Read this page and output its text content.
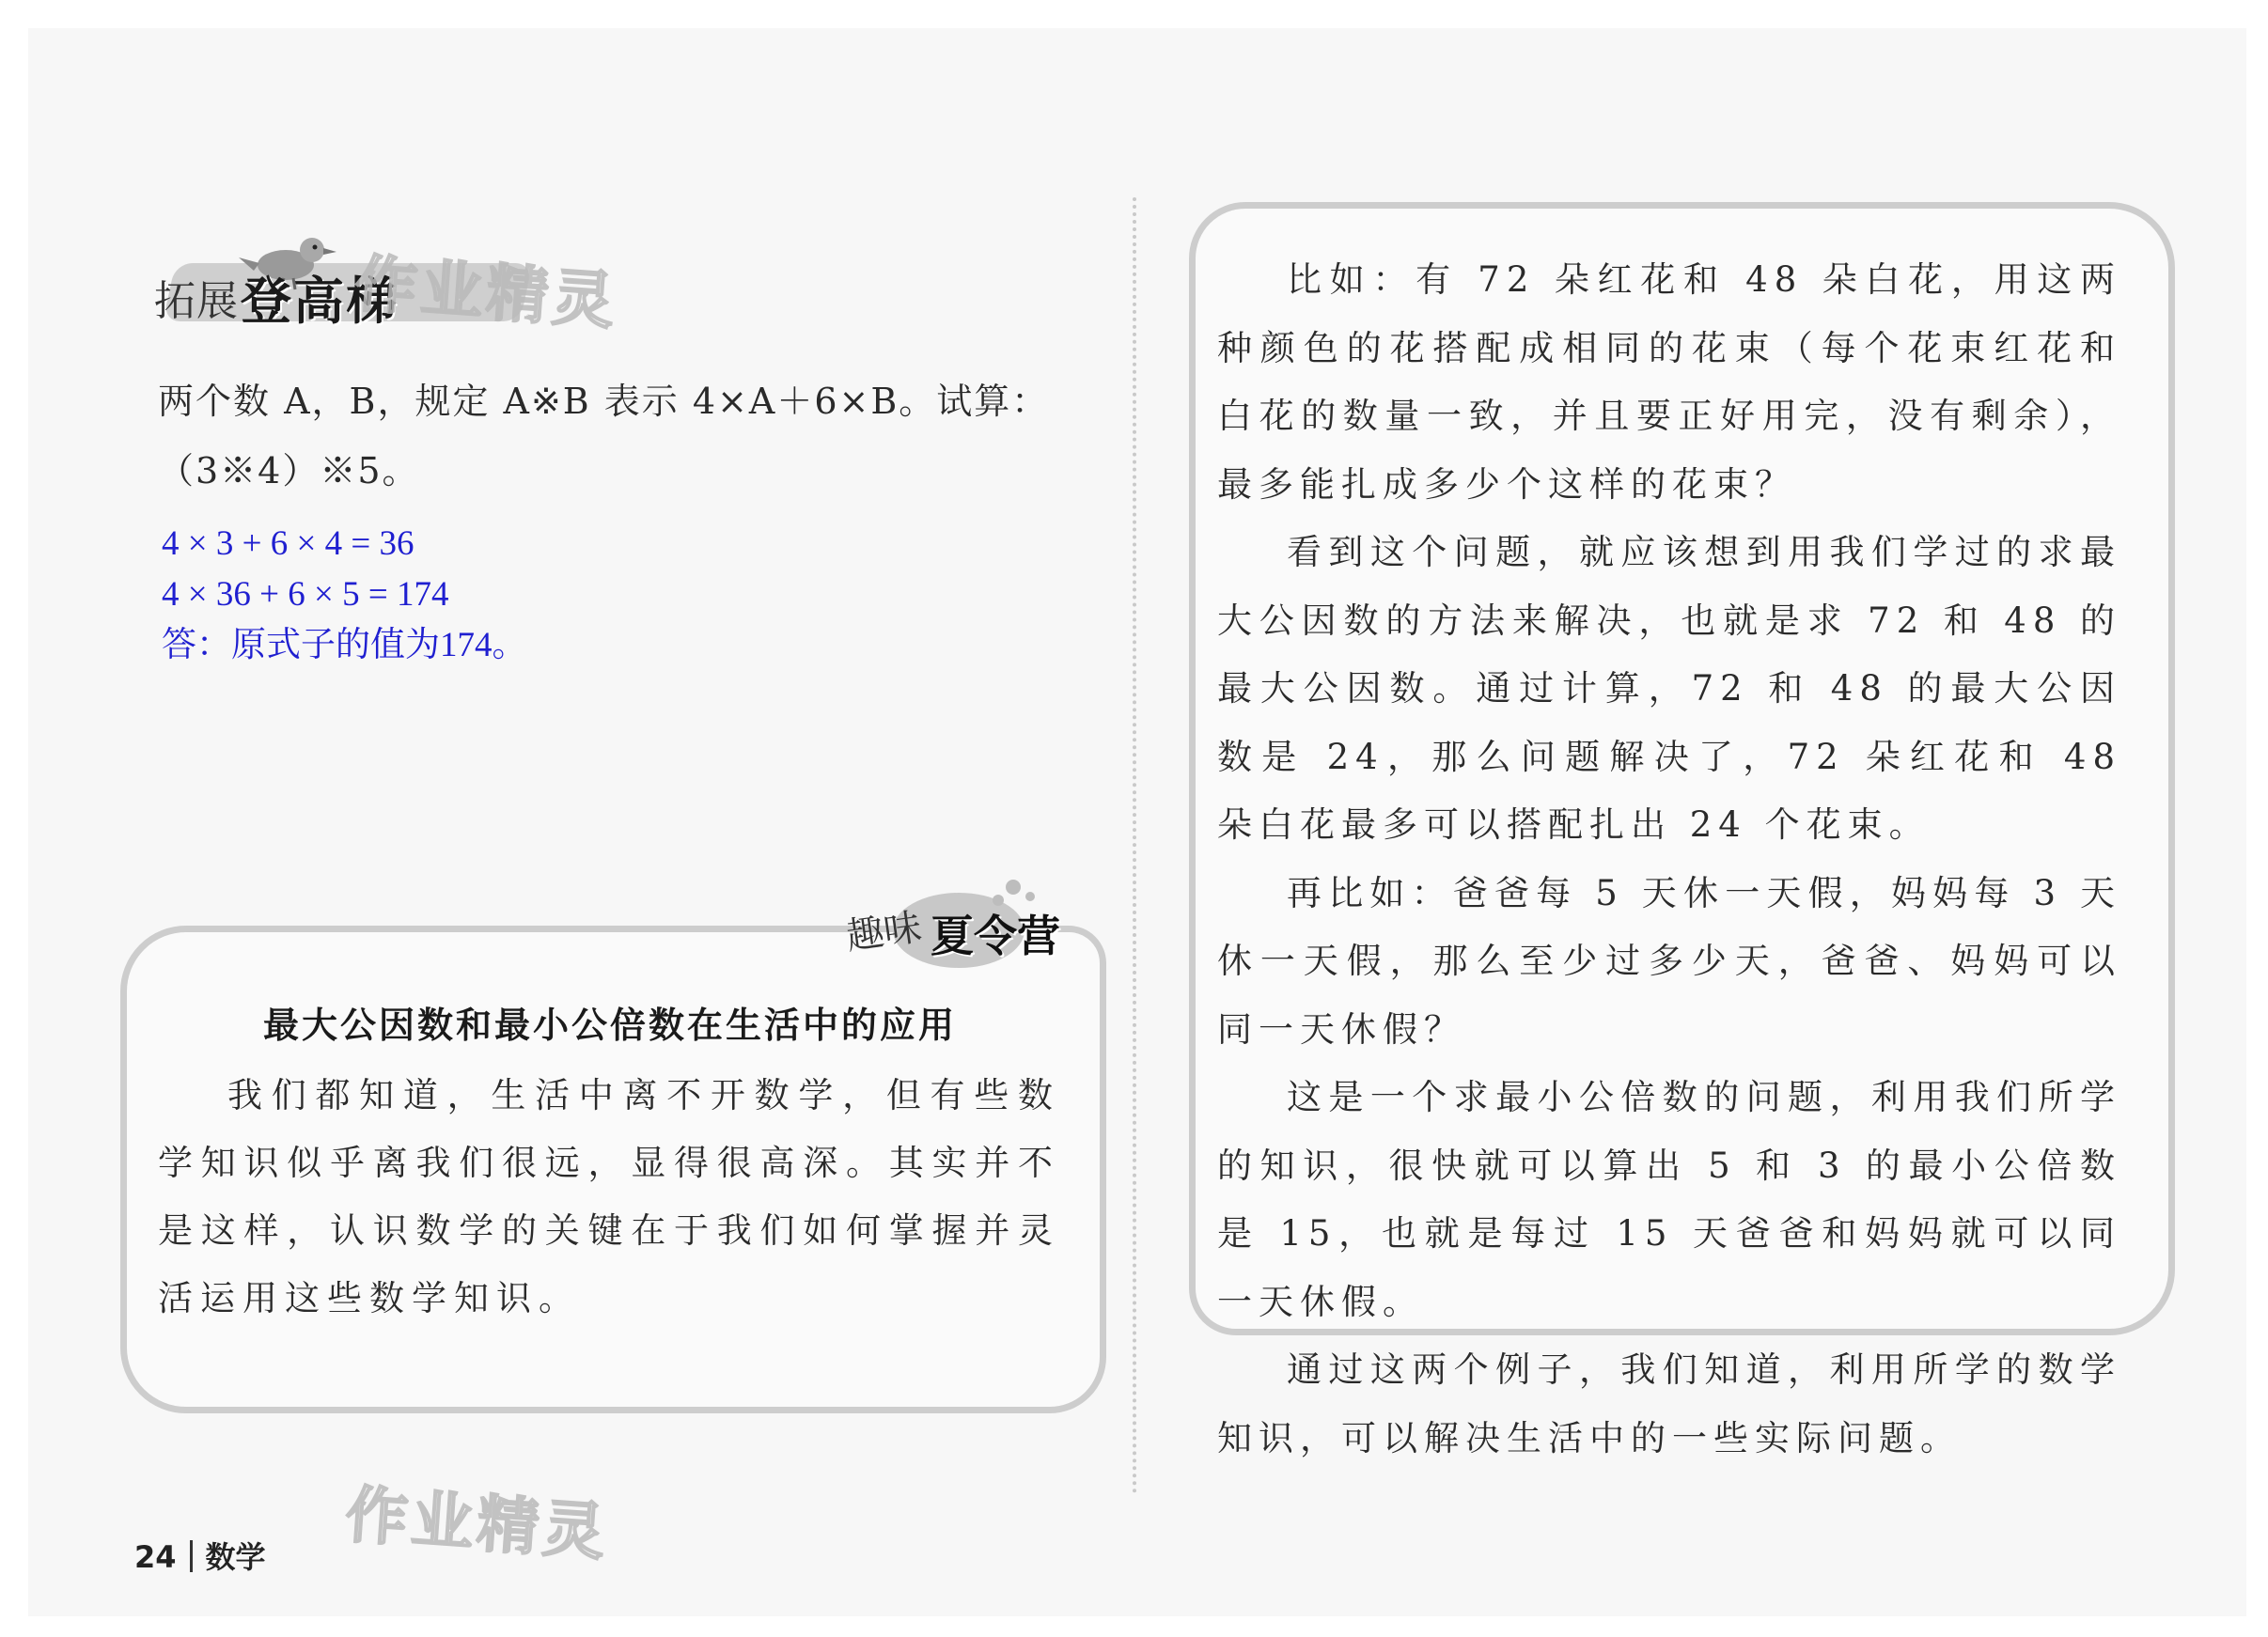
拓展 登高梯
作业精灵
两个数 A，B，规定 A※B 表示 4×A＋6×B。试算：
（3※4）※5。
4 × 3 + 6 × 4 = 36
4 × 36 + 6 × 5 = 174
答：原式子的值为174。
趣味 夏令营
最大公因数和最小公倍数在生活中的应用

我们都知道，生活中离不开数学，但有些数学知识似乎离我们很远，显得很高深。其实并不是这样，认识数学的关键在于我们如何掌握并灵活运用这些数学知识。

比如：有 72 朵红花和 48 朵白花，用这两种颜色的花搭配成相同的花束（每个花束红花和白花的数量一致，并且要正好用完，没有剩余），最多能扎成多少个这样的花束？

看到这个问题，就应该想到用我们学过的求最大公因数的方法来解决，也就是求 72 和 48 的最大公因数。通过计算，72 和 48 的最大公因数是 24，那么问题解决了，72 朵红花和 48 朵白花最多可以搭配扎出 24 个花束。

再比如：爸爸每 5 天休一天假，妈妈每 3 天休一天假，那么至少过多少天，爸爸、妈妈可以同一天休假？

这是一个求最小公倍数的问题，利用我们所学的知识，很快就可以算出 5 和 3 的最小公倍数是 15，也就是每过 15 天爸爸和妈妈就可以同一天休假。

通过这两个例子，我们知道，利用所学的数学知识，可以解决生活中的一些实际问题。

作业精灵
24 数学
